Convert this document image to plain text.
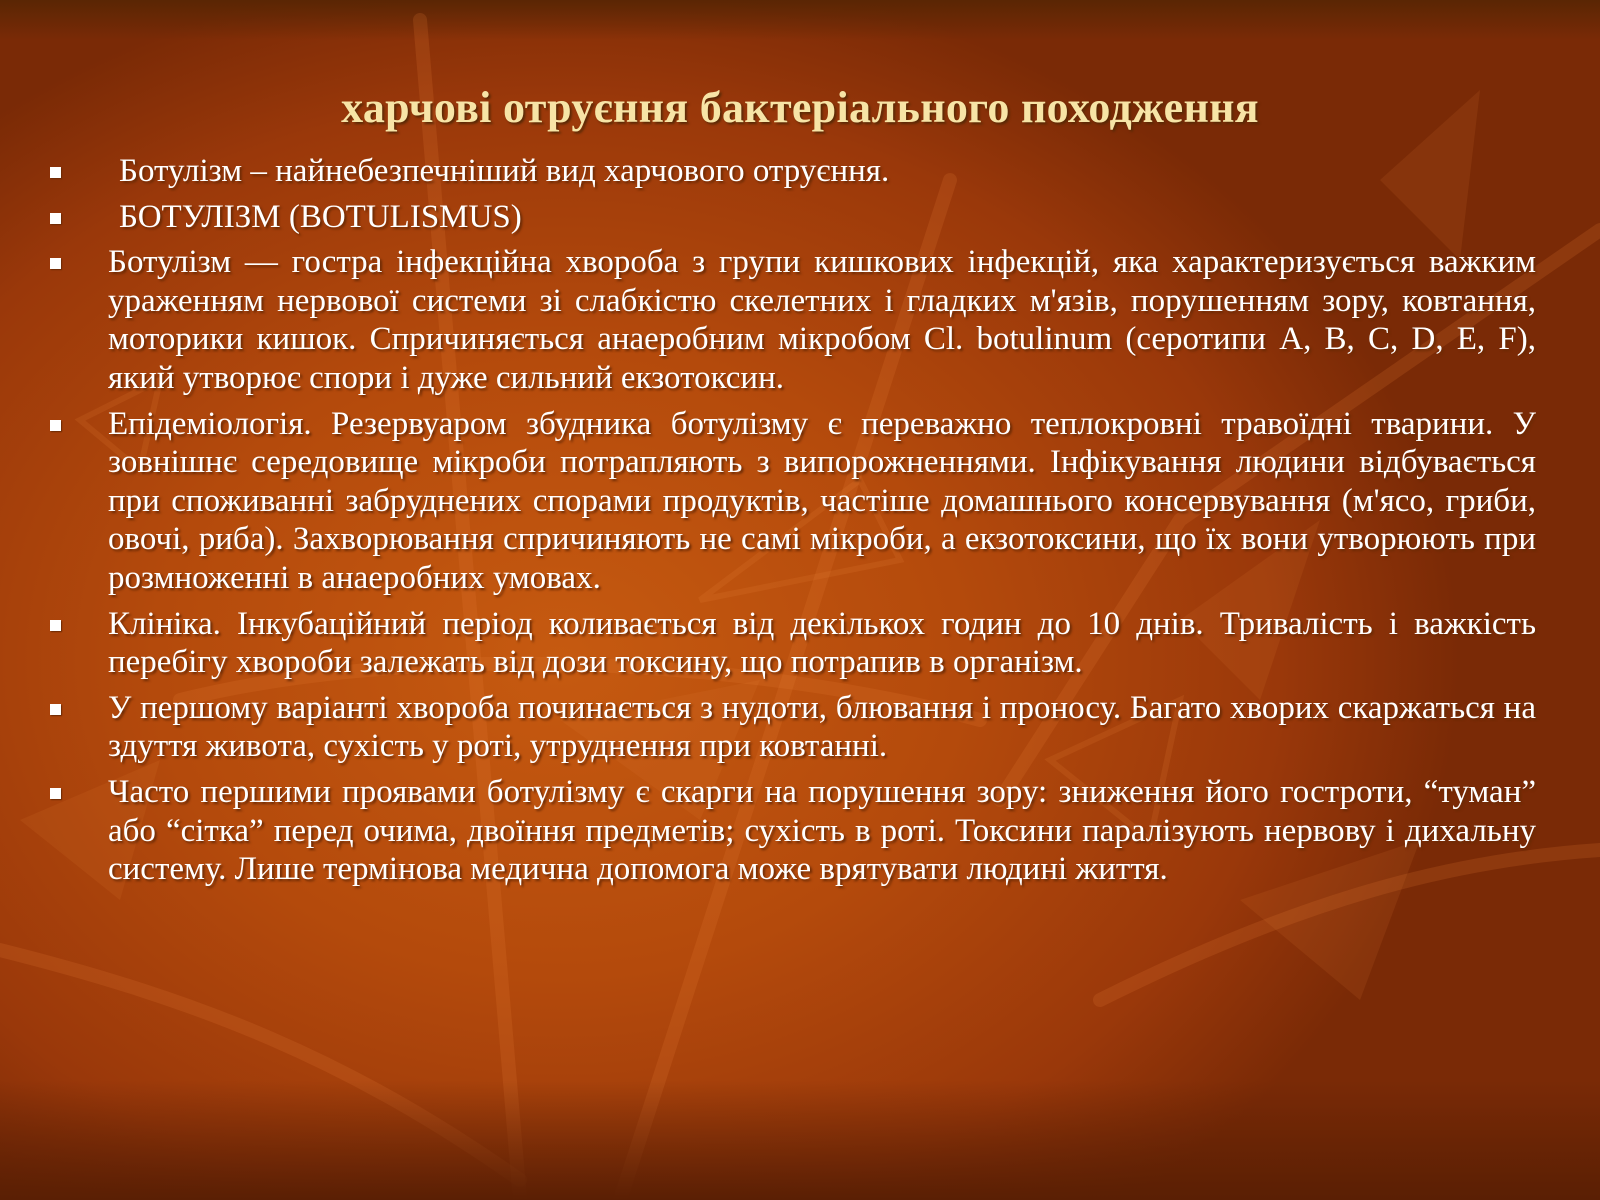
харчові отруєння бактеріального походження
Ботулізм – найнебезпечніший вид харчового отруєння.
БОТУЛІЗМ (BOTULISMUS)
Ботулізм — гостра інфекційна хвороба з групи кишкових інфекцій, яка характеризується важким ураженням нервової системи зі слабкістю скелетних і гладких м'язів, порушенням зору, ковтання, моторики кишок. Спричиняється анаеробним мікробом Cl. botulinum (серотипи А, В, С, D, E, F), який утворює спори і дуже сильний екзотоксин.
Епідеміологія. Резервуаром збудника ботулізму є переважно теплокровні травоїдні тварини. У зовнішнє середовище мікроби потрапляють з випорожненнями. Інфікування людини відбувається при споживанні забруднених спорами продуктів, частіше домашнього консервування (м'ясо, гриби, овочі, риба). Захворювання спричиняють не самі мікроби, а екзотоксини, що їх вони утворюють при розмноженні в анаеробних умовах.
Клініка. Інкубаційний період коливається від декількох годин до 10 днів. Тривалість і важкість перебігу хвороби залежать від дози токсину, що потрапив в організм.
У першому варіанті хвороба починається з нудоти, блювання і проносу. Багато хворих скаржаться на здуття живота, сухість у роті, утруднення при ковтанні.
Часто першими проявами ботулізму є скарги на порушення зору: зниження його гостроти, “туман” або “сітка” перед очима, двоїння предметів; сухість в роті. Токсини паралізують нервову і дихальну систему. Лише термінова медична допомога може врятувати людині життя.
